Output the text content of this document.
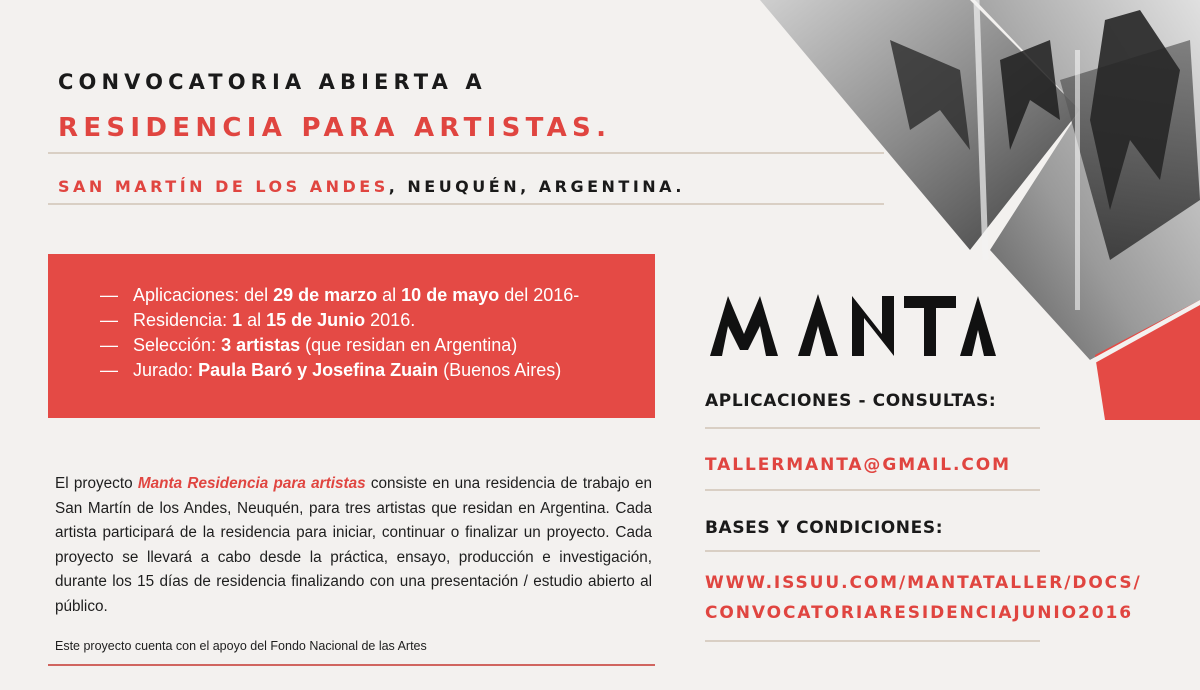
CONVOCATORIA ABIERTA A
RESIDENCIA PARA ARTISTAS.
SAN MARTÍN DE LOS ANDES, NEUQUÉN, ARGENTINA.
— Aplicaciones: del 29 de marzo al 10 de mayo del 2016-
— Residencia: 1 al 15 de Junio 2016.
— Selección: 3 artistas (que residan en Argentina)
— Jurado: Paula Baró y Josefina Zuain (Buenos Aires)
El proyecto Manta Residencia para artistas consiste en una residencia de trabajo en San Martín de los Andes, Neuquén, para tres artistas que residan en Argentina. Cada artista participará de la residencia para iniciar, continuar o finalizar un proyecto. Cada proyecto se llevará a cabo desde la práctica, ensayo, producción e investigación, durante los 15 días de residencia finalizando con una presentación / estudio abierto al público.
Este proyecto cuenta con el apoyo del Fondo Nacional de las Artes
APLICACIONES - CONSULTAS:
TALLERMANTA@GMAIL.COM
BASES Y CONDICIONES:
WWW.ISSUU.COM/MANTATALLER/DOCS/
CONVOCATORIARESIDENCIAJUNIO2016
